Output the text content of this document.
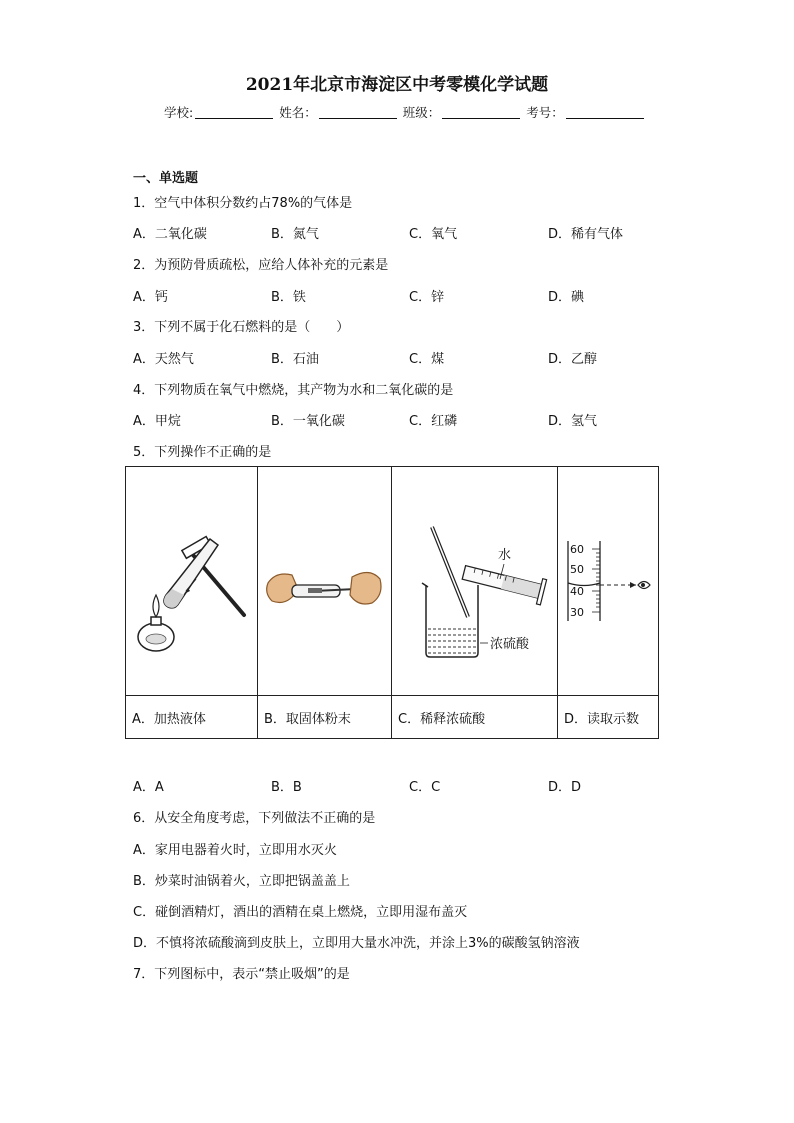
2021年北京市海淀区中考零模化学试题
学校:	姓名：	班级：	考号：
一、单选题
1．空气中体积分数约占78%的气体是
A．二氧化碳	B．氮气	C．氧气	D．稀有气体
2．为预防骨质疏松，应给人体补充的元素是
A．钙	B．铁	C．锌	D．碘
3．下列不属于化石燃料的是（　　）
A．天然气	B．石油	C．煤	D．乙醇
4．下列物质在氧气中燃烧，其产物为水和二氧化碳的是
A．甲烷	B．一氧化碳	C．红磷	D．氢气
5．下列操作不正确的是

水
浓硫酸	60
50
40
30

A．加热液体	B．取固体粉末	C．稀释浓硫酸	D．读取示数
A．A	B．B	C．C	D．D
6．从安全角度考虑，下列做法不正确的是
A．家用电器着火时，立即用水灭火
B．炒菜时油锅着火，立即把锅盖盖上
C．碰倒酒精灯，酒出的酒精在桌上燃烧，立即用湿布盖灭
D．不慎将浓硫酸滴到皮肤上，立即用大量水冲洗，并涂上3%的碳酸氢钠溶液
7．下列图标中，表示“禁止吸烟”的是
